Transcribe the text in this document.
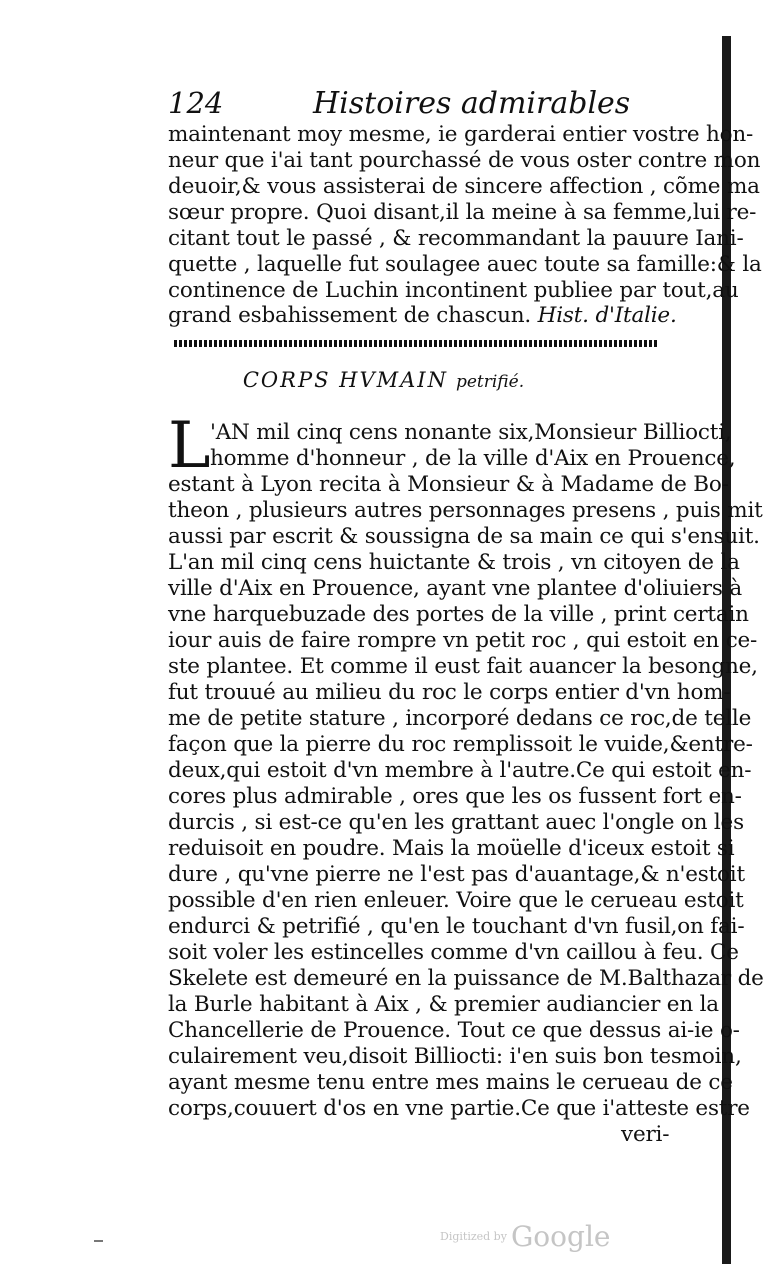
124	Histoires admirables
maintenant moy mesme, ie garderai entier vostre hon-
neur que i'ai tant pourchassé de vous oster contre mon
deuoir,& vous assisterai de sincere affection , cõme ma
sœur propre. Quoi disant,il la meine à sa femme,lui re-
citant tout le passé , & recommandant la pauure Iani-
quette , laquelle fut soulagee auec toute sa famille:& la
continence de Luchin incontinent publiee par tout,au
grand esbahissement de chascun. Hist. d'Italie.
CORPS HVMAIN petrifié.
L 'AN mil cinq cens nonante six,Monsieur Billiocti,
homme d'honneur , de la ville d'Aix en Prouence,
estant à Lyon recita à Monsieur & à Madame de Bo-
theon , plusieurs autres personnages presens , puis mit
aussi par escrit & soussigna de sa main ce qui s'ensuit.
L'an mil cinq cens huictante & trois , vn citoyen de la
ville d'Aix en Prouence, ayant vne plantee d'oliuiers à
vne harquebuzade des portes de la ville , print certain
iour auis de faire rompre vn petit roc , qui estoit en ce-
ste plantee. Et comme il eust fait auancer la besongne,
fut trouué au milieu du roc le corps entier d'vn hom-
me de petite stature , incorporé dedans ce roc,de telle
façon que la pierre du roc remplissoit le vuide,&entre-
deux,qui estoit d'vn membre à l'autre.Ce qui estoit en-
cores plus admirable , ores que les os fussent fort en-
durcis , si est-ce qu'en les grattant auec l'ongle on les
reduisoit en poudre. Mais la moüelle d'iceux estoit si
dure , qu'vne pierre ne l'est pas d'auantage,& n'estoit
possible d'en rien enleuer. Voire que le cerueau estoit
endurci & petrifié , qu'en le touchant d'vn fusil,on fai-
soit voler les estincelles comme d'vn caillou à feu. Ce
Skelete est demeuré en la puissance de M.Balthazar de
la Burle habitant à Aix , & premier audiancier en la
Chancellerie de Prouence. Tout ce que dessus ai-ie o-
culairement veu,disoit Billiocti: i'en suis bon tesmoin,
ayant mesme tenu entre mes mains le cerueau de ce
corps,couuert d'os en vne partie.Ce que i'atteste estre
veri-
Digitized by Google
